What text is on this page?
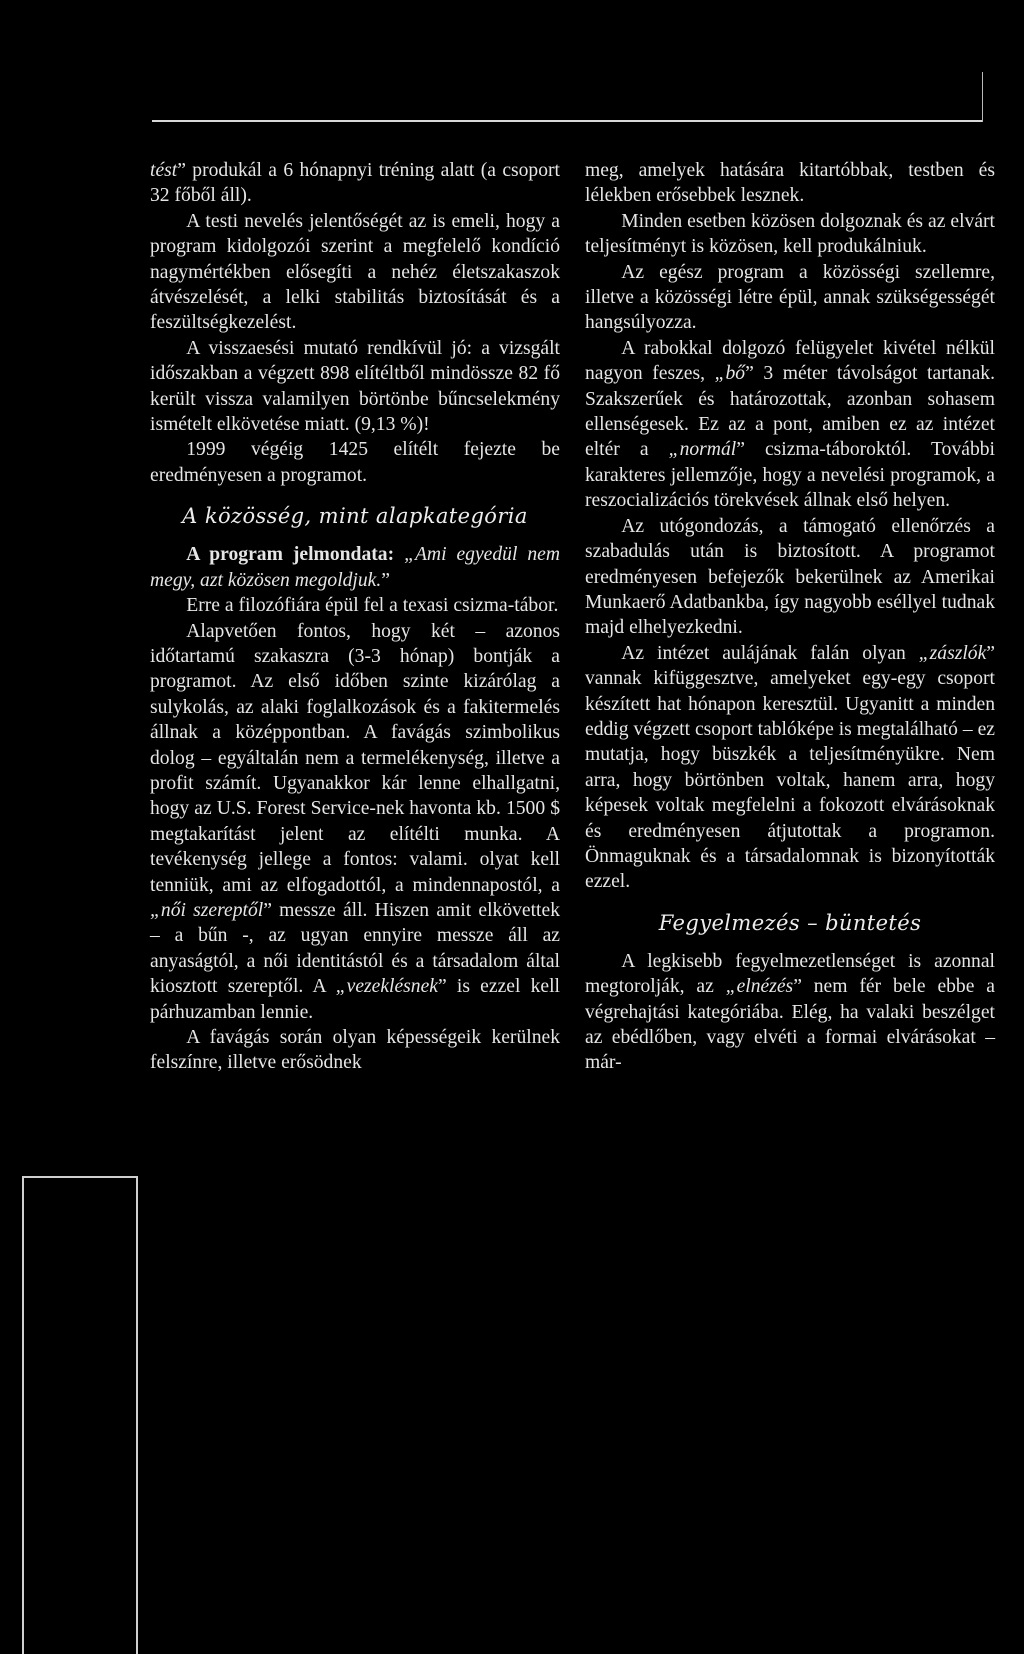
tést” produkál a 6 hónapnyi tréning alatt (a csoport 32 főből áll).

A testi nevelés jelentőségét az is emeli, hogy a program kidolgozói szerint a megfelelő kondíció nagymértékben elősegíti a nehéz életszakaszok átvészelését, a lelki stabilitás biztosítását és a feszültségkezelést.

A visszaesési mutató rendkívül jó: a vizsgált időszakban a végzett 898 elítéltből mindössze 82 fő került vissza valamilyen börtönbe bűncselekmény ismételt elkövetése miatt. (9,13 %)!

1999 végéig 1425 elítélt fejezte be eredményesen a programot.

A közösség, mint alapkategória

A program jelmondata: „Ami egyedül nem megy, azt közösen megoldjuk.”

Erre a filozófiára épül fel a texasi csizma-tábor.

Alapvetően fontos, hogy két – azonos időtartamú szakaszra (3-3 hónap) bontják a programot. Az első időben szinte kizárólag a sulykolás, az alaki foglalkozások és a fakitermelés állnak a középpontban. A favágás szimbolikus dolog – egyáltalán nem a termelékenység, illetve a profit számít. Ugyanakkor kár lenne elhallgatni, hogy az U.S. Forest Service-nek havonta kb. 1500 $ megtakarítást jelent az elítélti munka. A tevékenység jellege a fontos: valami. olyat kell tenniük, ami az elfogadottól, a mindennapostól, a „női szereptől” messze áll. Hiszen amit elkövettek – a bűn -, az ugyan ennyire messze áll az anyaságtól, a női identitástól és a társadalom által kiosztott szereptől. A „vezeklésnek” is ezzel kell párhuzamban lennie.

A favágás során olyan képességeik kerülnek felszínre, illetve erősödnek

meg, amelyek hatására kitartóbbak, testben és lélekben erősebbek lesznek.

Minden esetben közösen dolgoznak és az elvárt teljesítményt is közösen, kell produkálniuk.

Az egész program a közösségi szellemre, illetve a közösségi létre épül, annak szükségességét hangsúlyozza.

A rabokkal dolgozó felügyelet kivétel nélkül nagyon feszes, „bő” 3 méter távolságot tartanak. Szakszerűek és határozottak, azonban sohasem ellenségesek. Ez az a pont, amiben ez az intézet eltér a „normál” csizma-táboroktól. További karakteres jellemzője, hogy a nevelési programok, a reszocializációs törekvések állnak első helyen.

Az utógondozás, a támogató ellenőrzés a szabadulás után is biztosított. A programot eredményesen befejezők bekerülnek az Amerikai Munkaerő Adatbankba, így nagyobb eséllyel tudnak majd elhelyezkedni.

Az intézet aulájának falán olyan „zászlók” vannak kifüggesztve, amelyeket egy-egy csoport készített hat hónapon keresztül. Ugyanitt a minden eddig végzett csoport tablóképe is megtalálható – ez mutatja, hogy büszkék a teljesítményükre. Nem arra, hogy börtönben voltak, hanem arra, hogy képesek voltak megfelelni a fokozott elvárásoknak és eredményesen átjutottak a programon. Önmaguknak és a társadalomnak is bizonyították ezzel.

Fegyelmezés – büntetés

A legkisebb fegyelmezetlenséget is azonnal megtorolják, az „elnézés” nem fér bele ebbe a végrehajtási kategóriába. Elég, ha valaki beszélget az ebédlőben, vagy elvéti a formai elvárásokat – már-
